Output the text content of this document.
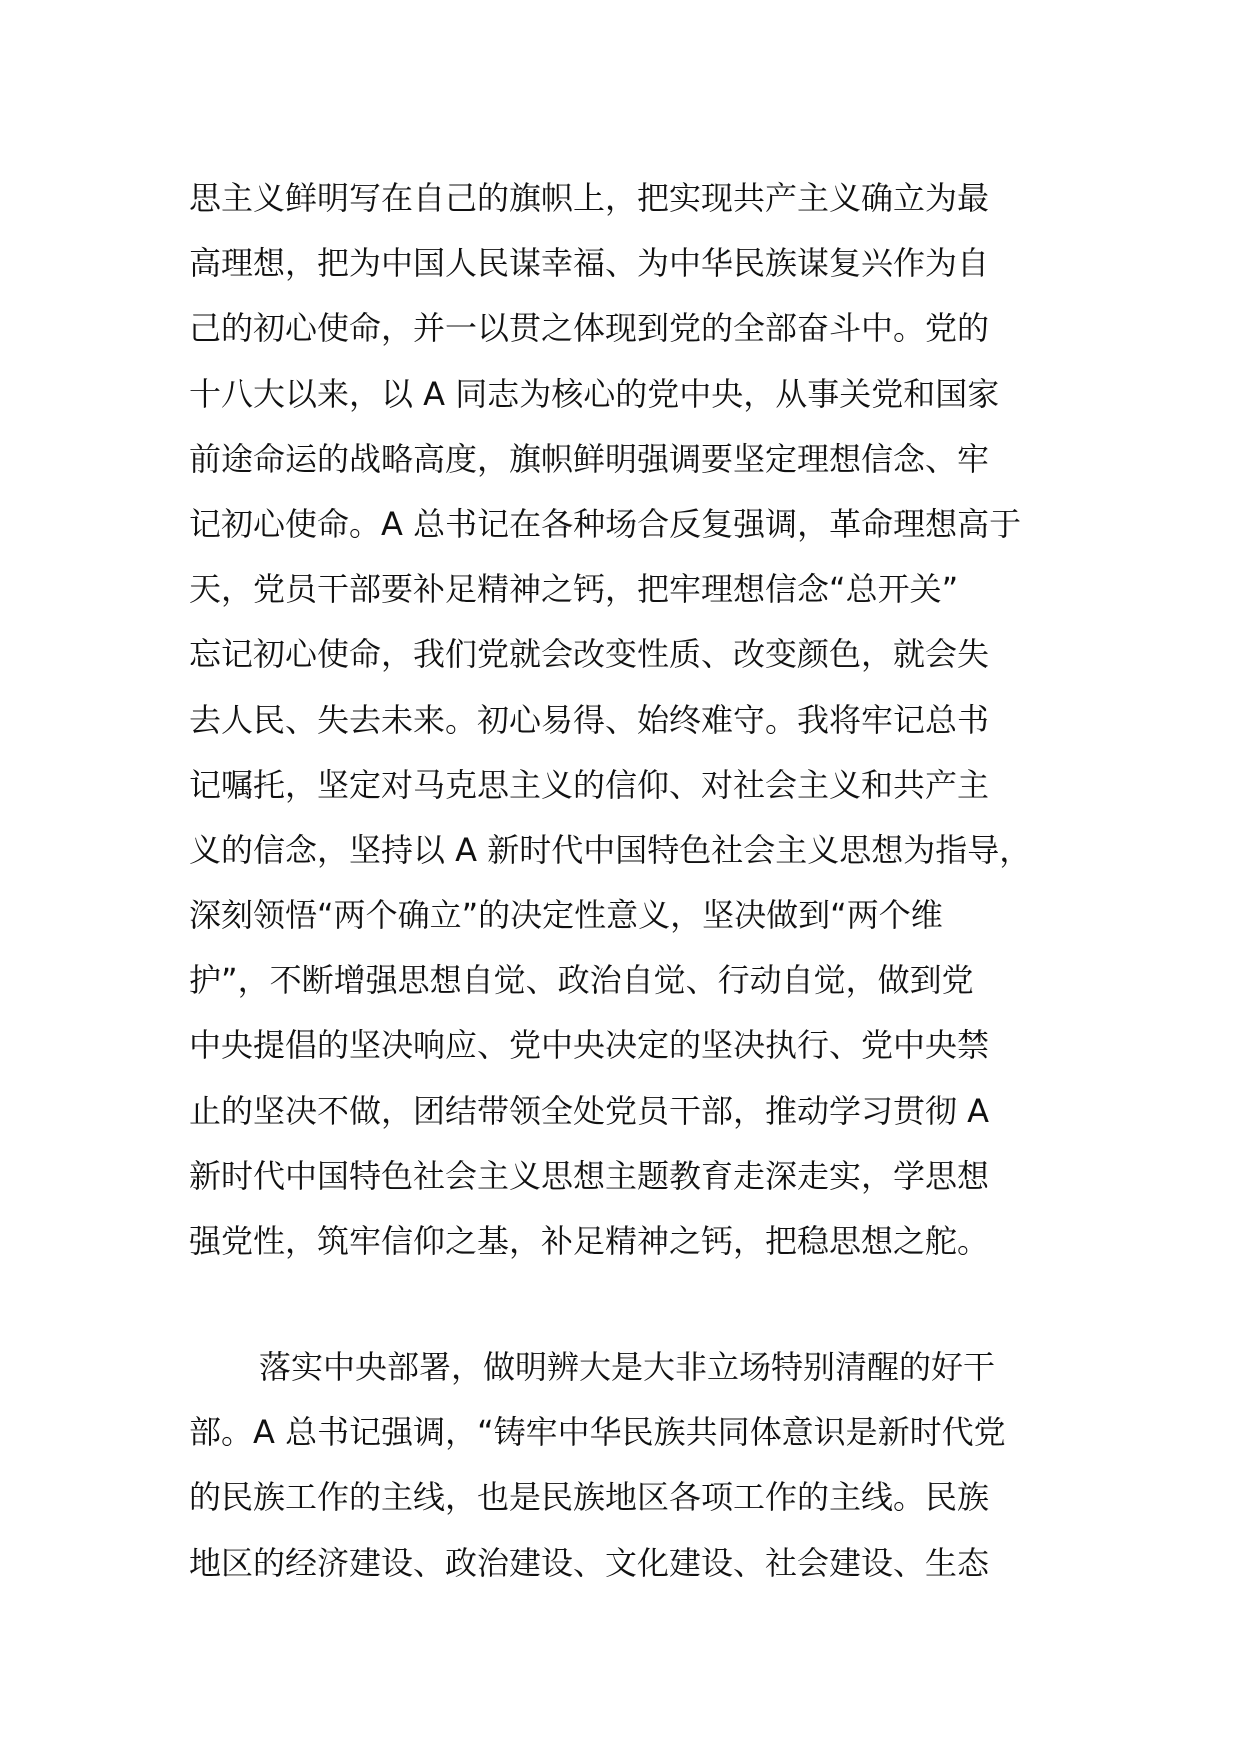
思主义鲜明写在自己的旗帜上，把实现共产主义确立为最
高理想，把为中国人民谋幸福、为中华民族谋复兴作为自
己的初心使命，并一以贯之体现到党的全部奋斗中。党的
十八大以来，以 A 同志为核心的党中央，从事关党和国家
前途命运的战略高度，旗帜鲜明强调要坚定理想信念、牢
记初心使命。A 总书记在各种场合反复强调，革命理想高于
天，党员干部要补足精神之钙，把牢理想信念“总开关”
忘记初心使命，我们党就会改变性质、改变颜色，就会失
去人民、失去未来。初心易得、始终难守。我将牢记总书
记嘱托，坚定对马克思主义的信仰、对社会主义和共产主
义的信念，坚持以 A 新时代中国特色社会主义思想为指导，
深刻领悟“两个确立”的决定性意义，坚决做到“两个维
护”，不断增强思想自觉、政治自觉、行动自觉，做到党
中央提倡的坚决响应、党中央决定的坚决执行、党中央禁
止的坚决不做，团结带领全处党员干部，推动学习贯彻 A
新时代中国特色社会主义思想主题教育走深走实，学思想
强党性，筑牢信仰之基，补足精神之钙，把稳思想之舵。
落实中央部署，做明辨大是大非立场特别清醒的好干
部。A 总书记强调，“铸牢中华民族共同体意识是新时代党
的民族工作的主线，也是民族地区各项工作的主线。民族
地区的经济建设、政治建设、文化建设、社会建设、生态
